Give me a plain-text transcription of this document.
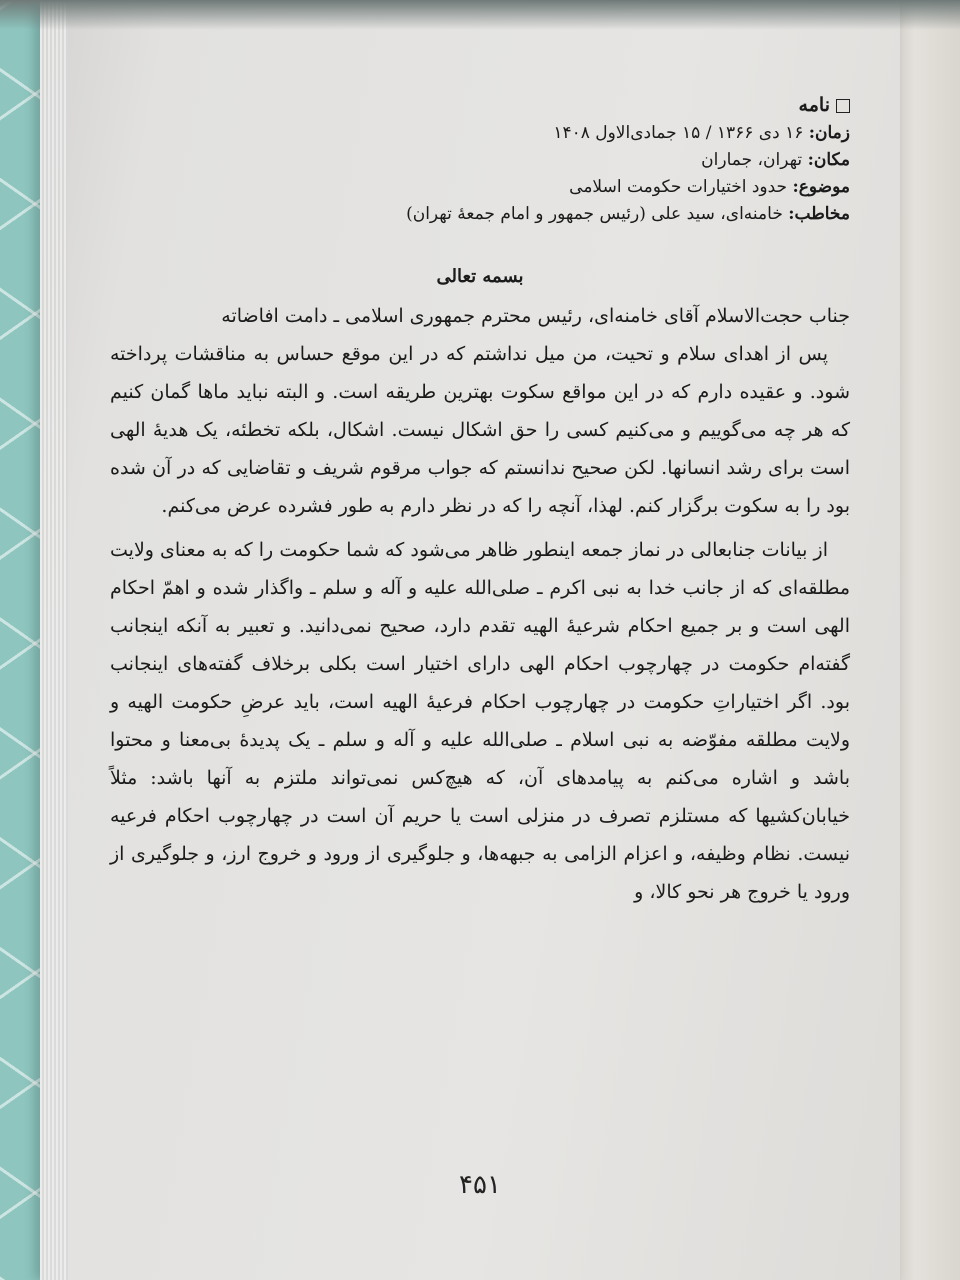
نامه

زمان: ۱۶ دی ۱۳۶۶ / ۱۵ جمادی‌الاول ۱۴۰۸

مکان: تهران، جماران

موضوع: حدود اختیارات حکومت اسلامی

مخاطب: خامنه‌ای، سید علی (رئیس جمهور و امام جمعهٔ تهران)

بسمه تعالی

جناب حجت‌الاسلام آقای خامنه‌ای، رئیس محترم جمهوری اسلامی ـ دامت افاضاته

پس از اهدای سلام و تحیت، من میل نداشتم که در این موقع حساس به مناقشات پرداخته شود. و عقیده دارم که در این مواقع سکوت بهترین طریقه است. و البته نباید ماها گمان کنیم که هر چه می‌گوییم و می‌کنیم کسی را حق اشکال نیست. اشکال، بلکه تخطئه، یک هدیهٔ الهی است برای رشد انسانها. لکن صحیح ندانستم که جواب مرقوم شریف و تقاضایی که در آن شده بود را به سکوت برگزار کنم. لهذا، آنچه را که در نظر دارم به طور فشرده عرض می‌کنم.

از بیانات جنابعالی در نماز جمعه اینطور ظاهر می‌شود که شما حکومت را که به معنای ولایت مطلقه‌ای که از جانب خدا به نبی اکرم ـ صلی‌الله علیه و آله و سلم ـ واگذار شده و اهمّ احکام الهی است و بر جمیع احکام شرعیهٔ الهیه تقدم دارد، صحیح نمی‌دانید. و تعبیر به آنکه اینجانب گفته‌ام حکومت در چهارچوب احکام الهی دارای اختیار است بکلی برخلاف گفته‌های اینجانب بود. اگر اختیاراتِ حکومت در چهارچوب احکام فرعیهٔ الهیه است، باید عرضِ حکومت الهیه و ولایت مطلقه مفوّضه به نبی اسلام ـ صلی‌الله علیه و آله و سلم ـ یک پدیدهٔ بی‌معنا و محتوا باشد و اشاره می‌کنم به پیامدهای آن، که هیچ‌کس نمی‌تواند ملتزم به آنها باشد: مثلاً خیابان‌کشیها که مستلزم تصرف در منزلی است یا حریم آن است در چهارچوب احکام فرعیه نیست. نظام وظیفه، و اعزام الزامی به جبهه‌ها، و جلوگیری از ورود و خروج ارز، و جلوگیری از ورود یا خروج هر نحو کالا، و

۴۵۱
